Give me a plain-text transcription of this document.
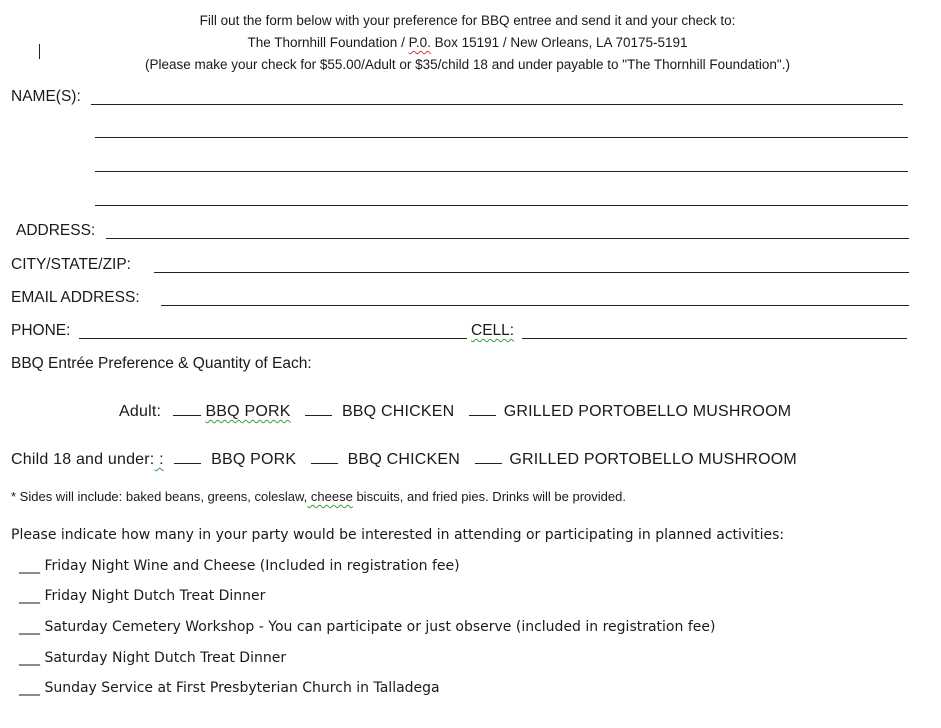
Fill out the form below with your preference for BBQ entree and send it and your check to:
The Thornhill Foundation / P.0. Box 15191 / New Orleans, LA 70175-5191
(Please make your check for $55.00/Adult or $35/child 18 and under payable to "The Thornhill Foundation".)
NAME(S):
ADDRESS:
CITY/STATE/ZIP:
EMAIL ADDRESS:
PHONE:	CELL:
BBQ Entrée Preference & Quantity of Each:
Adult:	BBQ PORK	BBQ CHICKEN	GRILLED PORTOBELLO MUSHROOM
Child 18 and under: :	BBQ PORK	BBQ CHICKEN	GRILLED PORTOBELLO MUSHROOM
* Sides will include: baked beans, greens, coleslaw, cheese biscuits, and fried pies. Drinks will be provided.
Please indicate how many in your party would be interested in attending or participating in planned activities:
___ Friday Night Wine and Cheese (Included in registration fee)
___ Friday Night Dutch Treat Dinner
___ Saturday Cemetery Workshop - You can participate or just observe (included in registration fee)
___ Saturday Night Dutch Treat Dinner
___ Sunday Service at First Presbyterian Church in Talladega
